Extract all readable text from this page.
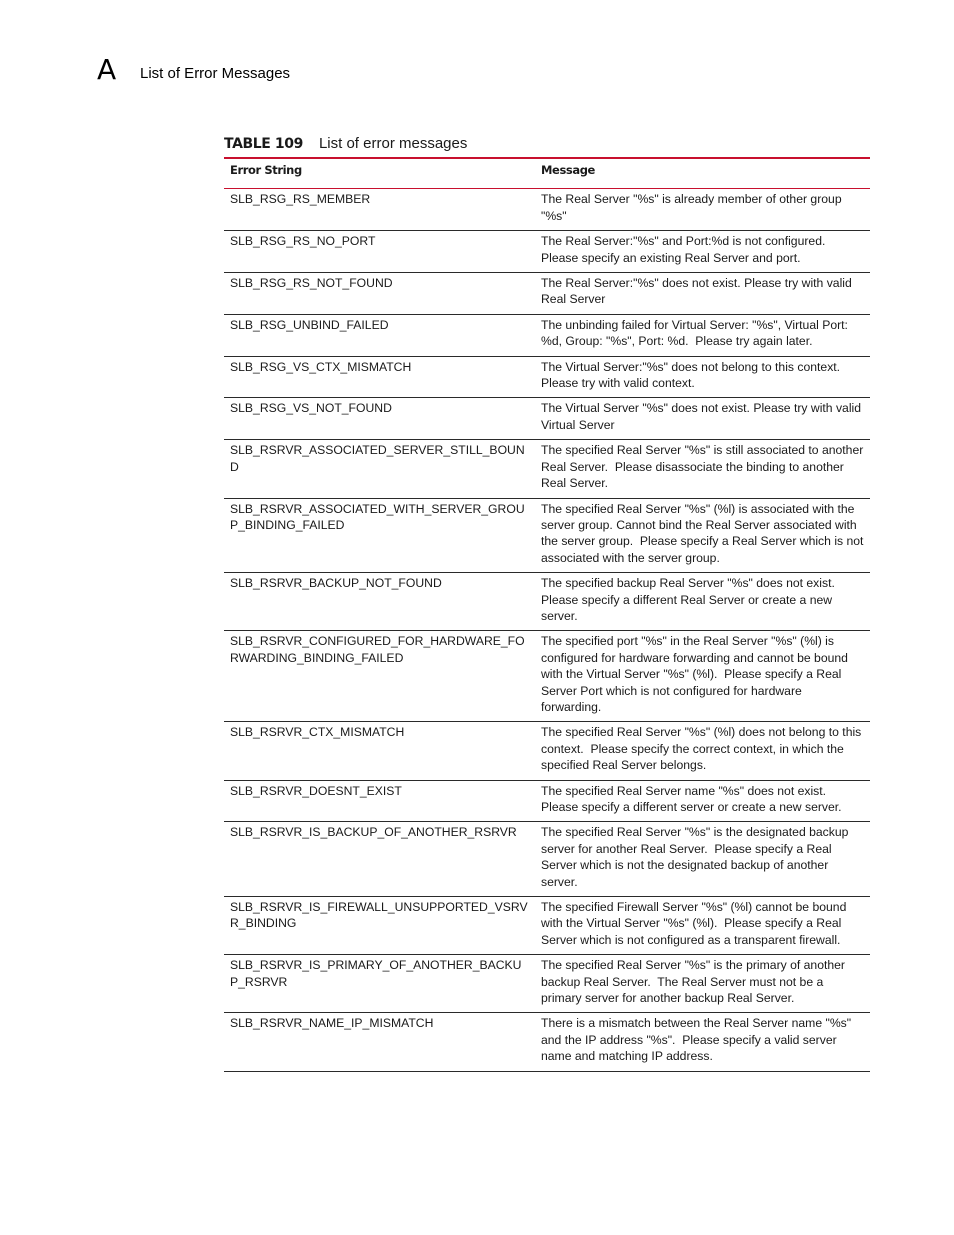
A List of Error Messages
TABLE 109 List of error messages
Error String	Message
SLB_RSG_RS_MEMBER	The Real Server "%s" is already member of other group "%s"
SLB_RSG_RS_NO_PORT	The Real Server:"%s" and Port:%d is not configured. Please specify an existing Real Server and port.
SLB_RSG_RS_NOT_FOUND	The Real Server:"%s" does not exist. Please try with valid Real Server
SLB_RSG_UNBIND_FAILED	The unbinding failed for Virtual Server: "%s", Virtual Port: %d, Group: "%s", Port: %d.  Please try again later.
SLB_RSG_VS_CTX_MISMATCH	The Virtual Server:"%s" does not belong to this context. Please try with valid context.
SLB_RSG_VS_NOT_FOUND	The Virtual Server "%s" does not exist. Please try with valid Virtual Server
SLB_RSRVR_ASSOCIATED_SERVER_STILL_BOUND	The specified Real Server "%s" is still associated to another Real Server.  Please disassociate the binding to another Real Server.
SLB_RSRVR_ASSOCIATED_WITH_SERVER_GROUP_BINDING_FAILED	The specified Real Server "%s" (%l) is associated with the server group. Cannot bind the Real Server associated with the server group.  Please specify a Real Server which is not associated with the server group.
SLB_RSRVR_BACKUP_NOT_FOUND	The specified backup Real Server "%s" does not exist. Please specify a different Real Server or create a new server.
SLB_RSRVR_CONFIGURED_FOR_HARDWARE_FORWARDING_BINDING_FAILED	The specified port "%s" in the Real Server "%s" (%l) is configured for hardware forwarding and cannot be bound with the Virtual Server "%s" (%l).  Please specify a Real Server Port which is not configured for hardware forwarding.
SLB_RSRVR_CTX_MISMATCH	The specified Real Server "%s" (%l) does not belong to this context.  Please specify the correct context, in which the specified Real Server belongs.
SLB_RSRVR_DOESNT_EXIST	The specified Real Server name "%s" does not exist. Please specify a different server or create a new server.
SLB_RSRVR_IS_BACKUP_OF_ANOTHER_RSRVR	The specified Real Server "%s" is the designated backup server for another Real Server.  Please specify a Real Server which is not the designated backup of another server.
SLB_RSRVR_IS_FIREWALL_UNSUPPORTED_VSRVR_BINDING	The specified Firewall Server "%s" (%l) cannot be bound with the Virtual Server "%s" (%l).  Please specify a Real Server which is not configured as a transparent firewall.
SLB_RSRVR_IS_PRIMARY_OF_ANOTHER_BACKUP_RSRVR	The specified Real Server "%s" is the primary of another backup Real Server.  The Real Server must not be a primary server for another backup Real Server.
SLB_RSRVR_NAME_IP_MISMATCH	There is a mismatch between the Real Server name "%s" and the IP address "%s".  Please specify a valid server name and matching IP address.
